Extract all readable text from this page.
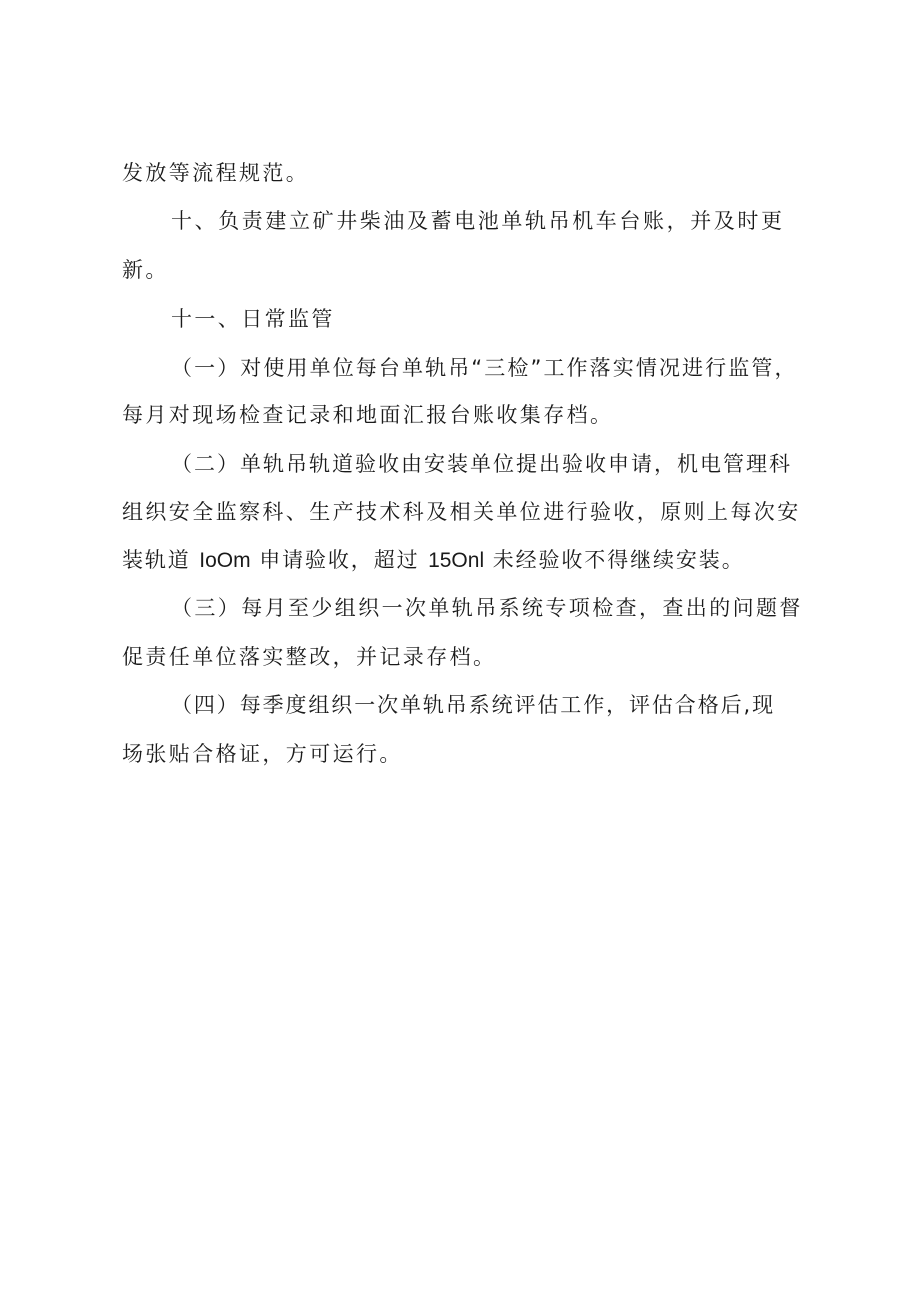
发放等流程规范。
十、负责建立矿井柴油及蓄电池单轨吊机车台账，并及时更
新。
十一、日常监管
（一）对使用单位每台单轨吊“三检”工作落实情况进行监管，
每月对现场检查记录和地面汇报台账收集存档。
（二）单轨吊轨道验收由安装单位提出验收申请，机电管理科
组织安全监察科、生产技术科及相关单位进行验收，原则上每次安
装轨道 IoOm 申请验收，超过 15Onl 未经验收不得继续安装。
（三）每月至少组织一次单轨吊系统专项检查，查出的问题督
促责任单位落实整改，并记录存档。
（四）每季度组织一次单轨吊系统评估工作，评估合格后,现
场张贴合格证，方可运行。
